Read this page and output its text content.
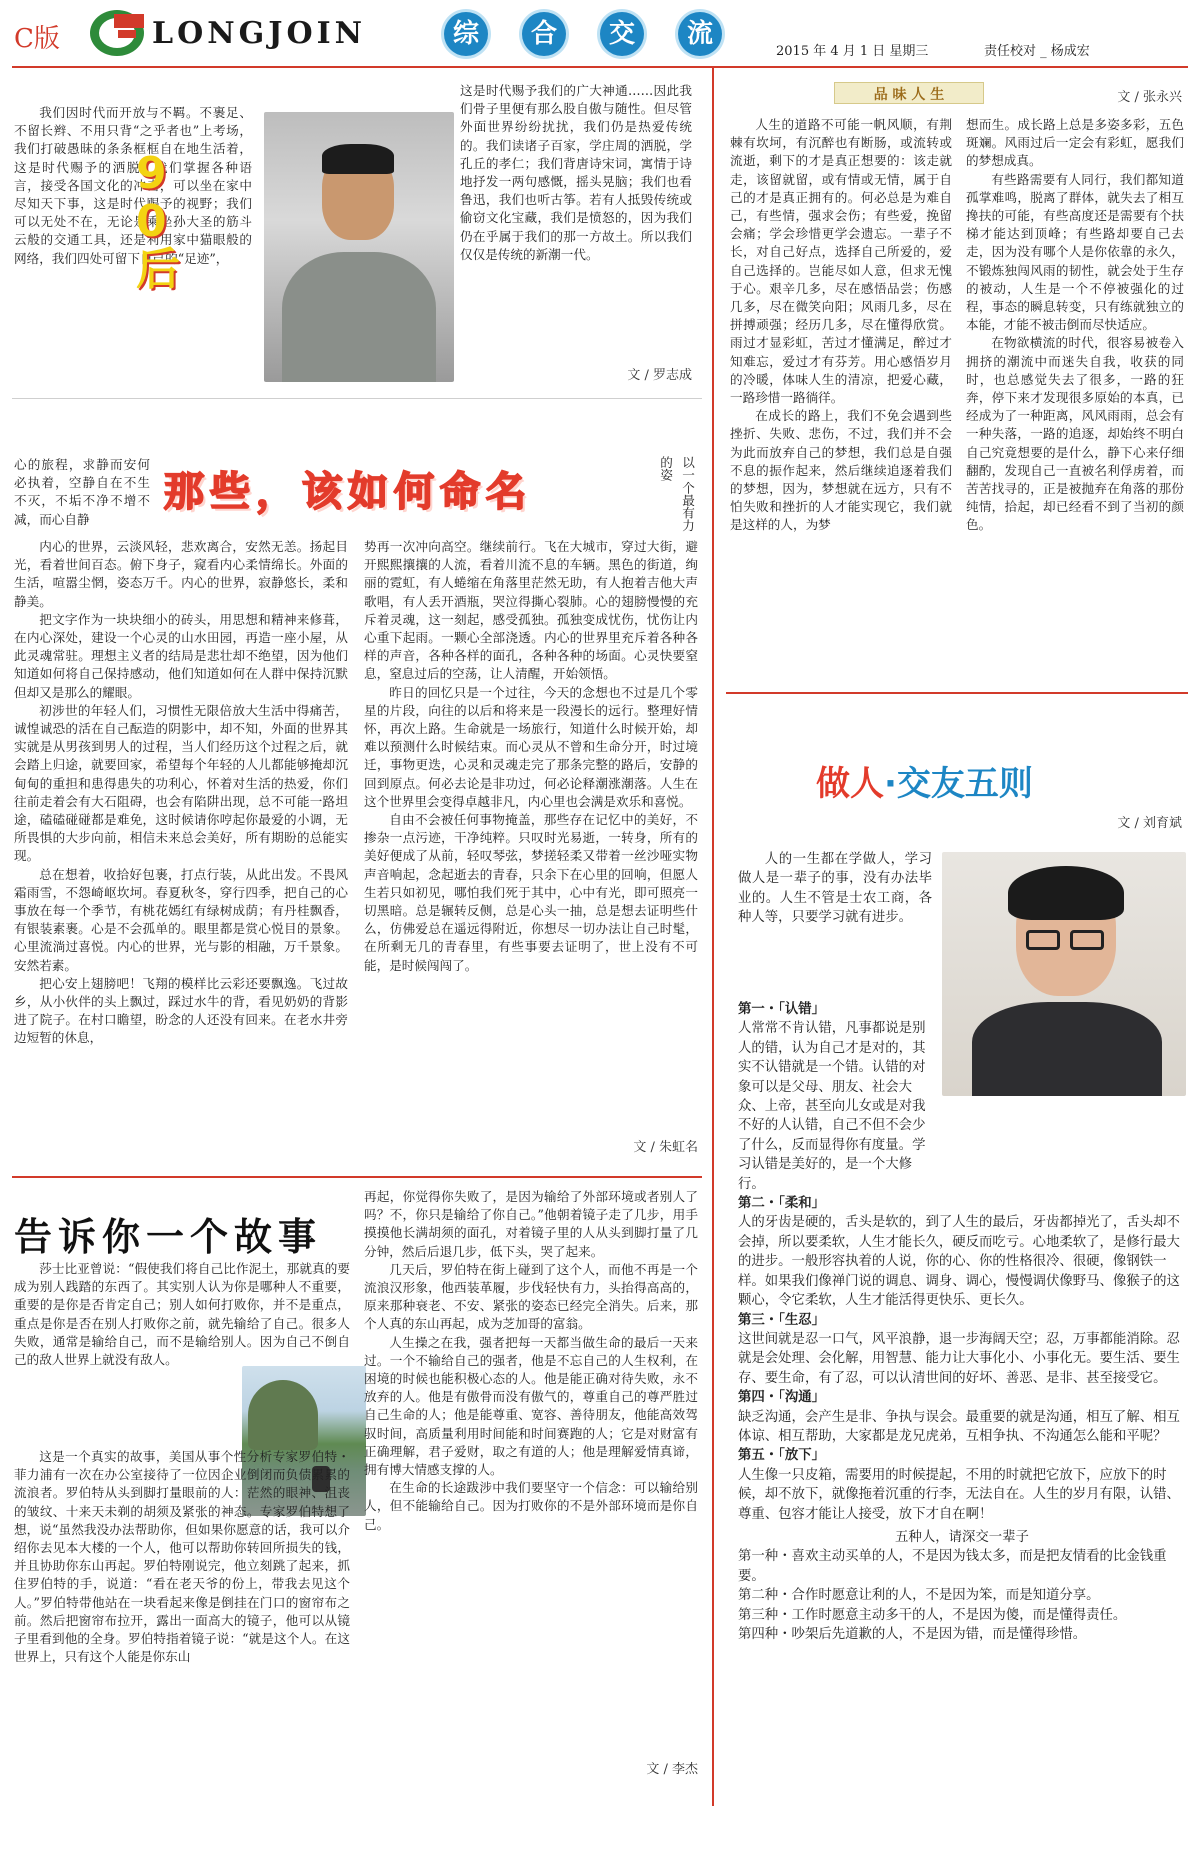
C版	LONGJOIN	综	合	交	流
2015 年 4 月 1 日 星期三	责任校对 _ 杨成宏

我们因时代而开放与不羁。不裹足、不留长辫、不用只背“之乎者也”上考场，我们打破愚昧的条条框框自在地生活着，这是时代赐予的洒脱；我们掌握各种语言，接受各国文化的冲击，可以坐在家中尽知天下事，这是时代赐予的视野；我们可以无处不在，无论是乘坐孙大圣的筋斗云般的交通工具，还是利用家中猫眼般的网络，我们四处可留下自己的“足迹”，

90后

这是时代赐予我们的广大神通……因此我们骨子里便有那么股自傲与随性。但尽管外面世界纷纷扰扰，我们仍是热爱传统的。我们读诸子百家，学庄周的洒脱，学孔丘的孝仁；我们背唐诗宋词，寓情于诗地抒发一两句感慨，摇头晃脑；我们也看鲁迅，我们也听古筝。若有人抵毁传统或偷窃文化宝藏，我们是愤怒的，因为我们仍在乎属于我们的那一方故土。所以我们仅仅是传统的新潮一代。

文 / 罗志成

心的旅程，求静而安何必执着，空静自在不生不灭，不垢不净不增不减，而心自静

那些，该如何命名	以一个最有力的姿

内心的世界，云淡风轻，悲欢离合，安然无恙。扬起目光，看着世间百态。俯下身子，窥看内心柔情绵长。外面的生活，喧嚣尘惘，姿态万千。内心的世界，寂静悠长，柔和静美。

把文字作为一块块细小的砖头，用思想和精神来修葺，在内心深处，建设一个心灵的山水田园，再造一座小屋，从此灵魂常驻。理想主义者的结局是悲壮却不绝望，因为他们知道如何将自己保持感动，他们知道如何在人群中保持沉默但却又是那么的耀眼。

初涉世的年轻人们，习惯性无限倍放大生活中得痛苦，诚惶诚恐的活在自己酝造的阴影中，却不知，外面的世界其实就是从男孩到男人的过程，当人们经历这个过程之后，就会踏上归途，就要回家，希望每个年轻的人儿都能够掩却沉甸甸的重担和患得患失的功利心，怀着对生活的热爱，你们往前走着会有大石阻碍，也会有陷阱出现，总不可能一路坦途，磕磕碰碰都是难免，这时候请你哼起你最爱的小调，无所畏惧的大步向前，相信未来总会美好，所有期盼的总能实现。

总在想着，收拾好包裹，打点行装，从此出发。不畏风霜雨雪，不怨崎岖坎坷。春夏秋冬，穿行四季，把自己的心事放在每一个季节，有桃花嫣红有绿树成荫；有丹桂飘香，有银装素裹。心是不会孤单的。眼里都是赏心悦目的景象。心里流淌过喜悦。内心的世界，光与影的相融，万千景象。安然若素。

把心安上翅膀吧！飞翔的模样比云彩还要飘逸。飞过故乡，从小伙伴的头上飘过，踩过水牛的背，看见奶奶的背影进了院子。在村口瞻望，盼念的人还没有回来。在老水井旁边短暂的休息，

势再一次冲向高空。继续前行。飞在大城市，穿过大街，避开熙熙攘攘的人流，看着川流不息的车辆。黑色的街道，绚丽的霓虹，有人蜷缩在角落里茫然无助，有人抱着吉他大声歌唱，有人丢开酒瓶，哭泣得撕心裂肺。心的翅膀慢慢的充斥着灵魂，这一刻起，感受孤独。孤独变成忧伤，忧伤让内心重下起雨。一颗心全部浇透。内心的世界里充斥着各种各样的声音，各种各样的面孔，各种各种的场面。心灵快要窒息，窒息过后的空荡，让人清醒，开始领悟。

昨日的回忆只是一个过往，今天的念想也不过是几个零星的片段，向往的以后和将来是一段漫长的远行。整理好情怀，再次上路。生命就是一场旅行，知道什么时候开始，却难以预测什么时候结束。而心灵从不曾和生命分开，时过境迁，事物更迭，心灵和灵魂走完了那条完整的路后，安静的回到原点。何必去论是非功过，何必论释潮涨潮落。人生在这个世界里会变得卓越非凡，内心里也会满是欢乐和喜悦。

自由不会被任何事物掩盖，那些存在记忆中的美好，不掺杂一点污迹，干净纯粹。只叹时光易逝，一转身，所有的美好便成了从前，轻叹琴弦，梦搓轻柔又带着一丝沙哑实物声音响起，念起逝去的青春，只余下在心里的回响，但愿人生若只如初见，哪怕我们死于其中，心中有光，即可照亮一切黑暗。总是辗转反侧，总是心头一抽，总是想去证明些什么，仿佛爱总在遥远得附近，你想尽一切办法让自己时髦，在所剩无几的青春里，有些事要去证明了，世上没有不可能，是时候闯闯了。

文 / 朱虹名
告诉你一个故事

莎士比亚曾说：“假使我们将自己比作泥土，那就真的要成为别人践踏的东西了。其实别人认为你是哪种人不重要，重要的是你是否肯定自己；别人如何打败你，并不是重点，重点是你是否在别人打败你之前，就先输给了自己。很多人失败，通常是输给自己，而不是输给别人。因为自己不倒自己的敌人世界上就没有敌人。

这是一个真实的故事，美国从事个性分析专家罗伯特・菲力浦有一次在办公室接待了一位因企业倒闭而负债累累的流浪者。罗伯特从头到脚打量眼前的人：茫然的眼神、沮丧的皱纹、十来天未剃的胡须及紧张的神态。专家罗伯特想了想，说“虽然我没办法帮助你，但如果你愿意的话，我可以介绍你去见本大楼的一个人，他可以帮助你转回所损失的钱，并且协助你东山再起。罗伯特刚说完，他立刻跳了起来，抓住罗伯特的手，说道：“看在老天爷的份上，带我去见这个人。”罗伯特带他站在一块看起来像是倒挂在门口的窗帘布之前。然后把窗帘布拉开，露出一面高大的镜子，他可以从镜子里看到他的全身。罗伯特指着镜子说：“就是这个人。在这世界上，只有这个人能是你东山

再起，你觉得你失败了，是因为输给了外部环境或者别人了吗？不，你只是输给了你自己。”他朝着镜子走了几步，用手摸摸他长满胡须的面孔，对着镜子里的人从头到脚打量了几分钟，然后后退几步，低下头，哭了起来。

几天后，罗伯特在街上碰到了这个人，而他不再是一个流浪汉形象，他西装革履，步伐轻快有力，头抬得高高的，原来那种衰老、不安、紧张的姿态已经完全消失。后来，那个人真的东山再起，成为芝加哥的富翁。

人生操之在我，强者把每一天都当做生命的最后一天来过。一个不输给自己的强者，他是不忘自己的人生权利，在困境的时候也能积极心态的人。他是能正确对待失败，永不放弃的人。他是有傲骨而没有傲气的，尊重自己的尊严胜过自己生命的人；他是能尊重、宽容、善待朋友，他能高效驾驭时间，高质量利用时间能和时间赛跑的人；它是对财富有正确理解，君子爱财，取之有道的人；他是理解爱情真谛，拥有博大情感支撑的人。

在生命的长途跋涉中我们要坚守一个信念：可以输给别人，但不能输给自己。因为打败你的不是外部环境而是你自己。

文 / 李杰
品 味 人 生	文 / 张永兴

人生的道路不可能一帆风顺，有荆棘有坎坷，有沉醉也有断肠，或流转或流逝，剩下的才是真正想要的：该走就走，该留就留，或有情或无情，属于自己的才是真正拥有的。何必总是为难自己，有些情，强求会伤；有些爱，挽留会痛；学会珍惜更学会遗忘。一辈子不长，对自己好点，选择自己所爱的，爱自己选择的。岂能尽如人意，但求无愧于心。艰辛几多，尽在感悟品尝；伤感几多，尽在微笑向阳；风雨几多，尽在拼搏顽强；经历几多，尽在懂得欣赏。雨过才显彩虹，苦过才懂满足，醉过才知难忘，爱过才有芬芳。用心感悟岁月的冷暖，体味人生的清凉，把爱心藏，一路珍惜一路徜徉。

在成长的路上，我们不免会遇到些挫折、失败、悲伤，不过，我们并不会为此而放弃自己的梦想，我们总是自强不息的振作起来，然后继续追逐着我们的梦想，因为，梦想就在远方，只有不怕失败和挫折的人才能实现它，我们就是这样的人，为梦

想而生。成长路上总是多姿多彩，五色斑斓。风雨过后一定会有彩虹，愿我们的梦想成真。

有些路需要有人同行，我们都知道孤掌难鸣，脱离了群体，就失去了相互搀扶的可能，有些高度还是需要有个扶梯才能达到顶峰；有些路却要自己去走，因为没有哪个人是你依靠的永久，不锻炼独闯风雨的韧性，就会处于生存的被动，人生是一个不停被强化的过程，事态的瞬息转变，只有练就独立的本能，才能不被击倒而尽快适应。

在物欲横流的时代，很容易被卷入拥挤的潮流中而迷失自我，收获的同时，也总感觉失去了很多，一路的狂奔，停下来才发现很多原始的本真，已经成为了一种距离，风风雨雨，总会有一种失落，一路的追逐，却始终不明白自己究竟想要的是什么，静下心来仔细翻酌，发现自己一直被名利俘虏着，而苦苦找寻的，正是被抛弃在角落的那份纯情，拾起，却已经看不到了当初的颜色。

做人·交友五则
文 / 刘育斌

人的一生都在学做人，学习做人是一辈子的事，没有办法毕业的。人生不管是士农工商，各种人等，只要学习就有进步。

第一・「认错」
人常常不肯认错，凡事都说是别人的错，认为自己才是对的，其实不认错就是一个错。认错的对象可以是父母、朋友、社会大众、上帝，甚至向儿女或是对我不好的人认错，自己不但不会少了什么，反而显得你有度量。学习认错是美好的，是一个大修行。
第二・「柔和」
人的牙齿是硬的，舌头是软的，到了人生的最后，牙齿都掉光了，舌头却不会掉，所以要柔软，人生才能长久，硬反而吃亏。心地柔软了，是修行最大的进步。一般形容执着的人说，你的心、你的性格很冷、很硬，像钢铁一样。如果我们像禅门说的调息、调身、调心，慢慢调伏像野马、像猴子的这颗心，令它柔软，人生才能活得更快乐、更长久。
第三・「生忍」
这世间就是忍一口气，风平浪静，退一步海阔天空；忍，万事都能消除。忍就是会处理、会化解，用智慧、能力让大事化小、小事化无。要生活、要生存、要生命，有了忍，可以认清世间的好坏、善恶、是非、甚至接受它。
第四・「沟通」
缺乏沟通，会产生是非、争执与误会。最重要的就是沟通，相互了解、相互体谅、相互帮助，大家都是龙兄虎弟，互相争执、不沟通怎么能和平呢？
第五・「放下」
人生像一只皮箱，需要用的时候提起，不用的时就把它放下，应放下的时候，却不放下，就像拖着沉重的行李，无法自在。人生的岁月有限，认错、尊重、包容才能让人接受，放下才自在啊！
五种人，请深交一辈子
第一种・喜欢主动买单的人，不是因为钱太多，而是把友情看的比金钱重要。
第二种・合作时愿意让利的人，不是因为笨，而是知道分享。
第三种・工作时愿意主动多干的人，不是因为傻，而是懂得责任。
第四种・吵架后先道歉的人，不是因为错，而是懂得珍惜。
